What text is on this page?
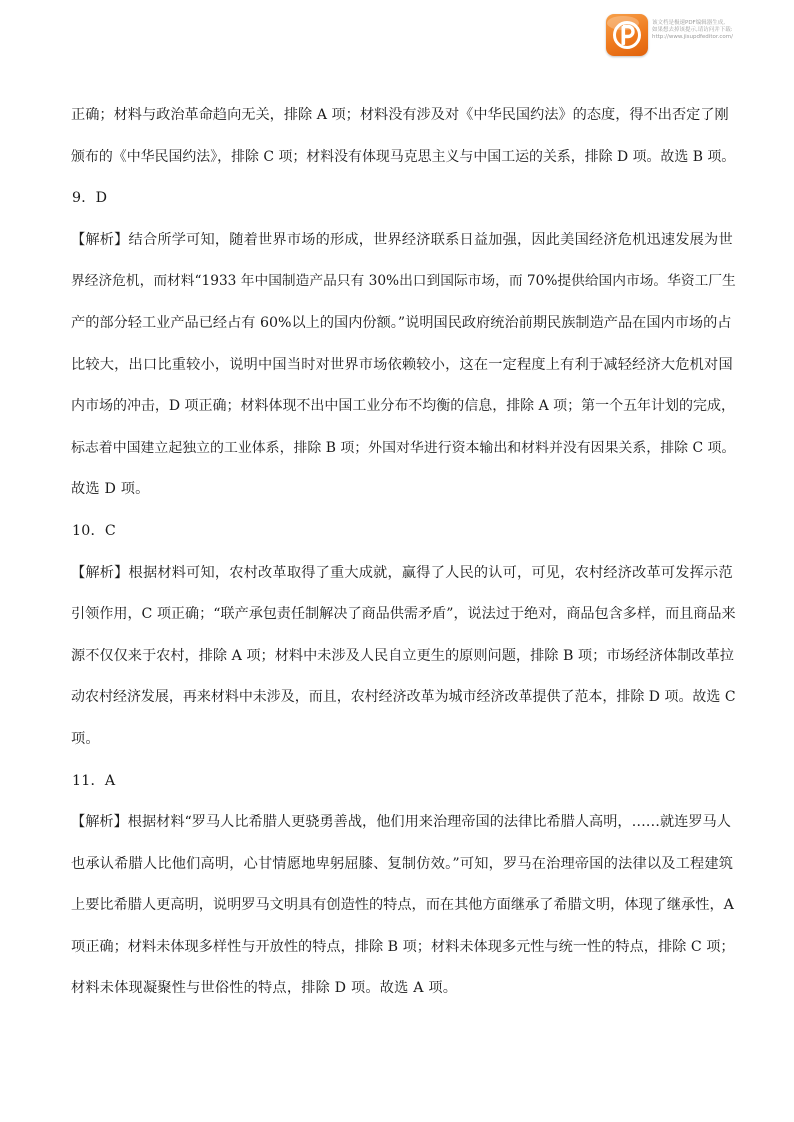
该文档是极速PDF编辑器生成,
如果想去掉该提示,请访问并下载:
http://www.jisupdfeditor.com/
正确；材料与政治革命趋向无关，排除 A 项；材料没有涉及对《中华民国约法》的态度，得不出否定了刚
颁布的《中华民国约法》，排除 C 项；材料没有体现马克思主义与中国工运的关系，排除 D 项。故选 B 项。
9．D
【解析】结合所学可知，随着世界市场的形成，世界经济联系日益加强，因此美国经济危机迅速发展为世
界经济危机，而材料“1933 年中国制造产品只有 30%出口到国际市场，而 70%提供给国内市场。华资工厂生
产的部分轻工业产品已经占有 60%以上的国内份额。”说明国民政府统治前期民族制造产品在国内市场的占
比较大，出口比重较小，说明中国当时对世界市场依赖较小，这在一定程度上有利于减轻经济大危机对国
内市场的冲击，D 项正确；材料体现不出中国工业分布不均衡的信息，排除 A 项；第一个五年计划的完成，
标志着中国建立起独立的工业体系，排除 B 项；外国对华进行资本输出和材料并没有因果关系，排除 C 项。
故选 D 项。
10．C
【解析】根据材料可知，农村改革取得了重大成就，赢得了人民的认可，可见，农村经济改革可发挥示范
引领作用，C 项正确；“联产承包责任制解决了商品供需矛盾”，说法过于绝对，商品包含多样，而且商品来
源不仅仅来于农村，排除 A 项；材料中未涉及人民自立更生的原则问题，排除 B 项；市场经济体制改革拉
动农村经济发展，再来材料中未涉及，而且，农村经济改革为城市经济改革提供了范本，排除 D 项。故选 C
项。
11．A
【解析】根据材料“罗马人比希腊人更骁勇善战，他们用来治理帝国的法律比希腊人高明，……就连罗马人
也承认希腊人比他们高明，心甘情愿地卑躬屈膝、复制仿效。”可知，罗马在治理帝国的法律以及工程建筑
上要比希腊人更高明，说明罗马文明具有创造性的特点，而在其他方面继承了希腊文明，体现了继承性，A
项正确；材料未体现多样性与开放性的特点，排除 B 项；材料未体现多元性与统一性的特点，排除 C 项；
材料未体现凝聚性与世俗性的特点，排除 D 项。故选 A 项。
